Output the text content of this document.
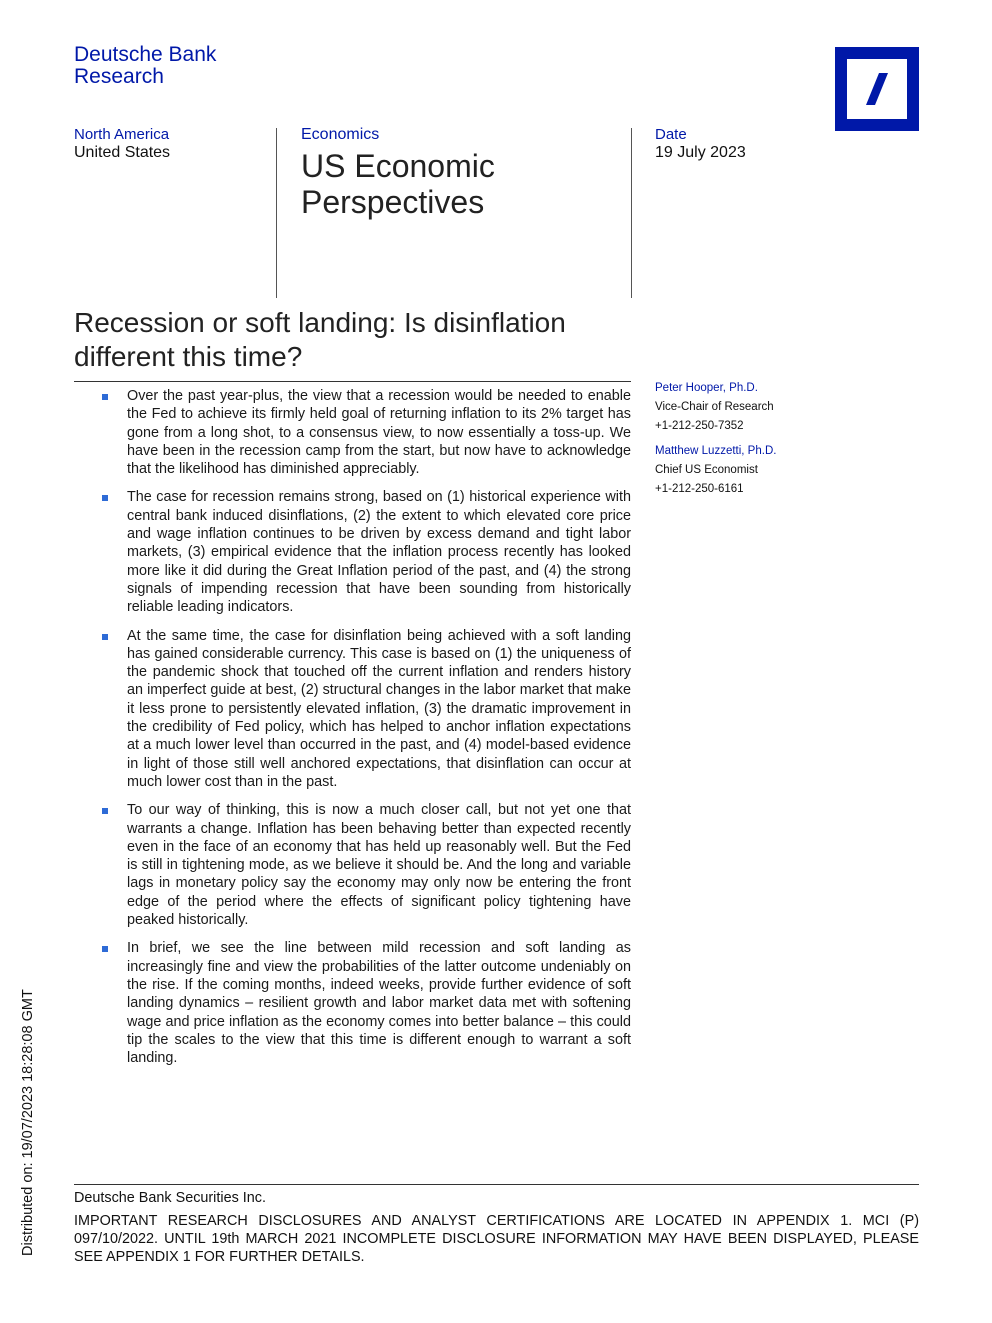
Deutsche Bank
Research
North America
United States
Economics
US Economic
Perspectives
Date
19 July 2023
Recession or soft landing: Is disinflation
different this time?
Peter Hooper, Ph.D.
Vice-Chair of Research
+1-212-250-7352
Matthew Luzzetti, Ph.D.
Chief US Economist
+1-212-250-6161
Over the past year-plus, the view that a recession would be needed to enable the Fed to achieve its firmly held goal of returning inflation to its 2% target has gone from a long shot, to a consensus view, to now essentially a toss-up. We have been in the recession camp from the start, but now have to acknowledge that the likelihood has diminished appreciably.
The case for recession remains strong, based on (1) historical experience with central bank induced disinflations, (2) the extent to which elevated core price and wage inflation continues to be driven by excess demand and tight labor markets, (3) empirical evidence that the inflation process recently has looked more like it did during the Great Inflation period of the past, and (4) the strong signals of impending recession that have been sounding from historically reliable leading indicators.
At the same time, the case for disinflation being achieved with a soft landing has gained considerable currency. This case is based on (1) the uniqueness of the pandemic shock that touched off the current inflation and renders history an imperfect guide at best, (2) structural changes in the labor market that make it less prone to persistently elevated inflation, (3) the dramatic improvement in the credibility of Fed policy, which has helped to anchor inflation expectations at a much lower level than occurred in the past, and (4) model-based evidence in light of those still well anchored expectations, that disinflation can occur at much lower cost than in the past.
To our way of thinking, this is now a much closer call, but not yet one that warrants a change. Inflation has been behaving better than expected recently even in the face of an economy that has held up reasonably well. But the Fed is still in tightening mode, as we believe it should be. And the long and variable lags in monetary policy say the economy may only now be entering the front edge of the period where the effects of significant policy tightening have peaked historically.
In brief, we see the line between mild recession and soft landing as increasingly fine and view the probabilities of the latter outcome undeniably on the rise. If the coming months, indeed weeks, provide further evidence of soft landing dynamics – resilient growth and labor market data met with softening wage and price inflation as the economy comes into better balance – this could tip the scales to the view that this time is different enough to warrant a soft landing.
Deutsche Bank Securities Inc.
IMPORTANT RESEARCH DISCLOSURES AND ANALYST CERTIFICATIONS ARE LOCATED IN APPENDIX 1. MCI (P) 097/10/2022. UNTIL 19th MARCH 2021 INCOMPLETE DISCLOSURE INFORMATION MAY HAVE BEEN DISPLAYED, PLEASE SEE APPENDIX 1 FOR FURTHER DETAILS.
Distributed on: 19/07/2023 18:28:08 GMT
